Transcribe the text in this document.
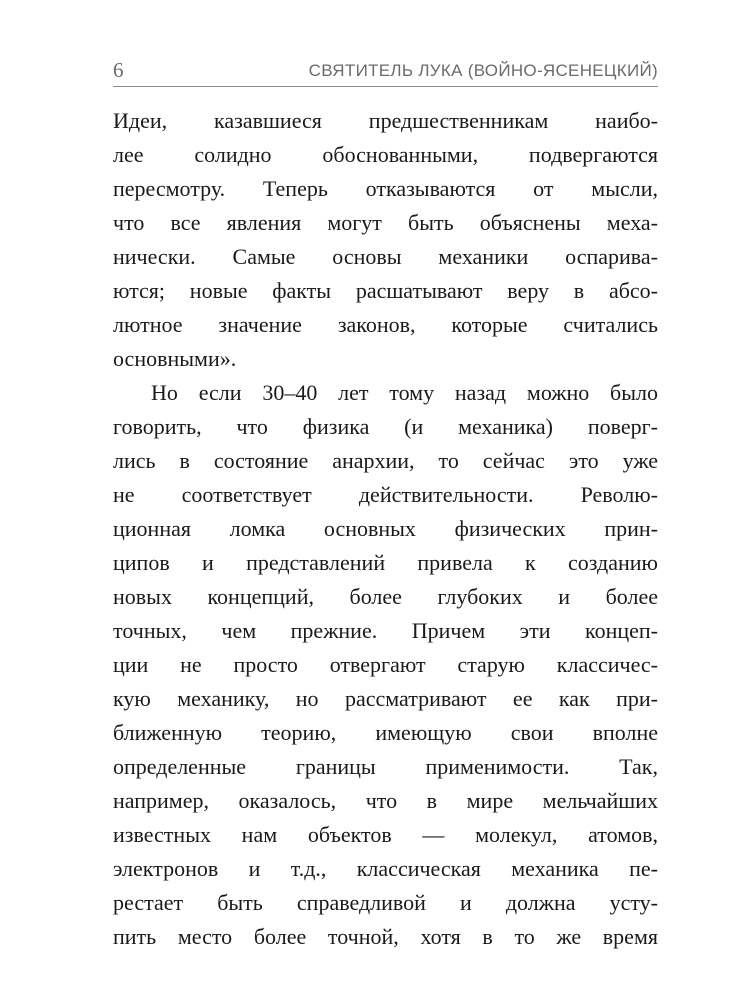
6	СВЯТИТЕЛЬ ЛУКА (ВОЙНО-ЯСЕНЕЦКИЙ)
Идеи, казавшиеся предшественникам наибо-
лее солидно обоснованными, подвергаются
пересмотру. Теперь отказываются от мысли,
что все явления могут быть объяснены меха-
нически. Самые основы механики оспарива-
ются; новые факты расшатывают веру в абсо-
лютное значение законов, которые считались
основными».
Но если 30–40 лет тому назад можно было
говорить, что физика (и механика) поверг-
лись в состояние анархии, то сейчас это уже
не соответствует действительности. Револю-
ционная ломка основных физических прин-
ципов и представлений привела к созданию
новых концепций, более глубоких и более
точных, чем прежние. Причем эти концеп-
ции не просто отвергают старую классичес-
кую механику, но рассматривают ее как при-
ближенную теорию, имеющую свои вполне
определенные границы применимости. Так,
например, оказалось, что в мире мельчайших
известных нам объектов — молекул, атомов,
электронов и т.д., классическая механика пе-
рестает быть справедливой и должна усту-
пить место более точной, хотя в то же время
